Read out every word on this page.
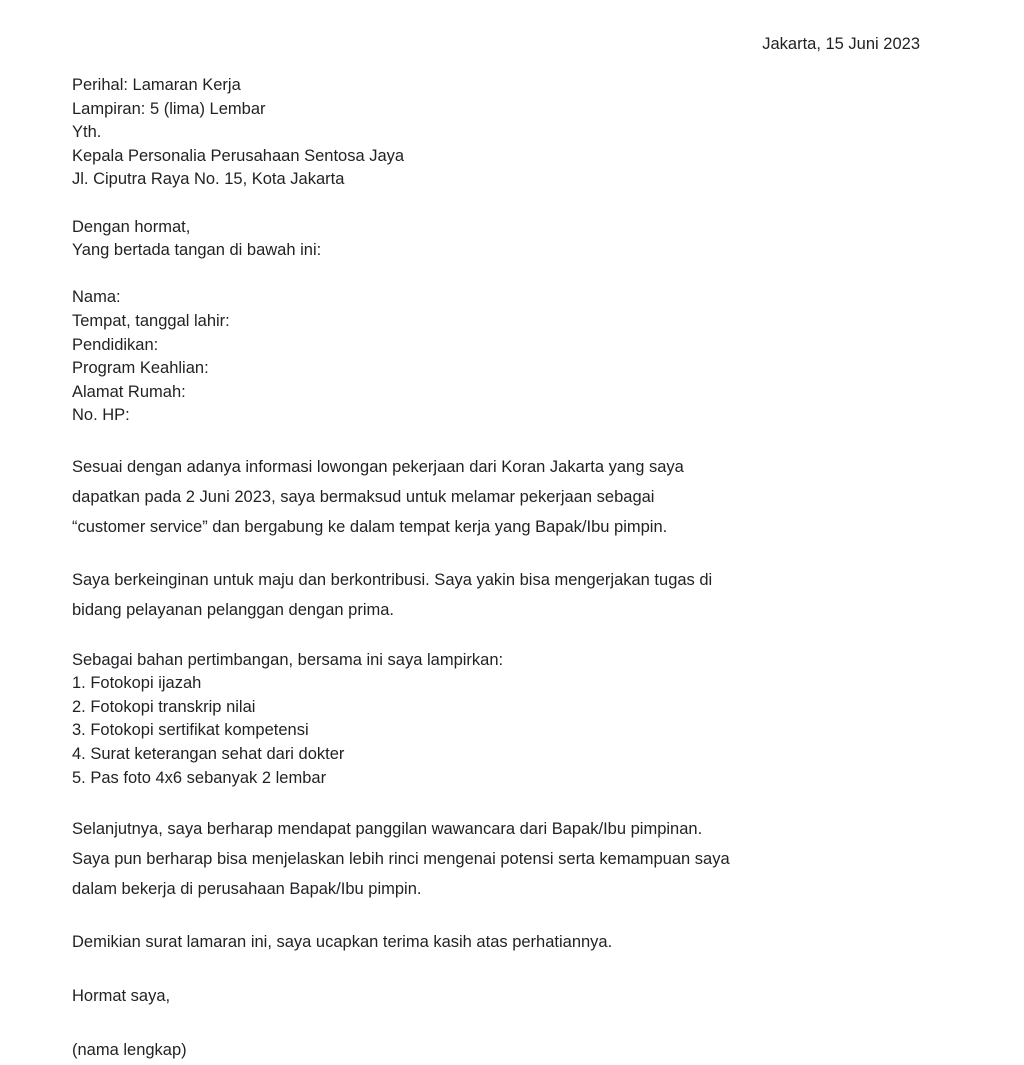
Jakarta, 15 Juni 2023
Perihal: Lamaran Kerja
Lampiran: 5 (lima) Lembar
Yth.
Kepala Personalia Perusahaan Sentosa Jaya
Jl. Ciputra Raya No. 15, Kota Jakarta
Dengan hormat,
Yang bertada tangan di bawah ini:
Nama:
Tempat, tanggal lahir:
Pendidikan:
Program Keahlian:
Alamat Rumah:
No. HP:
Sesuai dengan adanya informasi lowongan pekerjaan dari Koran Jakarta yang saya
dapatkan pada 2 Juni 2023, saya bermaksud untuk melamar pekerjaan sebagai
“customer service” dan bergabung ke dalam tempat kerja yang Bapak/Ibu pimpin.
Saya berkeinginan untuk maju dan berkontribusi. Saya yakin bisa mengerjakan tugas di
bidang pelayanan pelanggan dengan prima.
Sebagai bahan pertimbangan, bersama ini saya lampirkan:
1. Fotokopi ijazah
2. Fotokopi transkrip nilai
3. Fotokopi sertifikat kompetensi
4. Surat keterangan sehat dari dokter
5. Pas foto 4x6 sebanyak 2 lembar
Selanjutnya, saya berharap mendapat panggilan wawancara dari Bapak/Ibu pimpinan.
Saya pun berharap bisa menjelaskan lebih rinci mengenai potensi serta kemampuan saya
dalam bekerja di perusahaan Bapak/Ibu pimpin.
Demikian surat lamaran ini, saya ucapkan terima kasih atas perhatiannya.
Hormat saya,
(nama lengkap)
